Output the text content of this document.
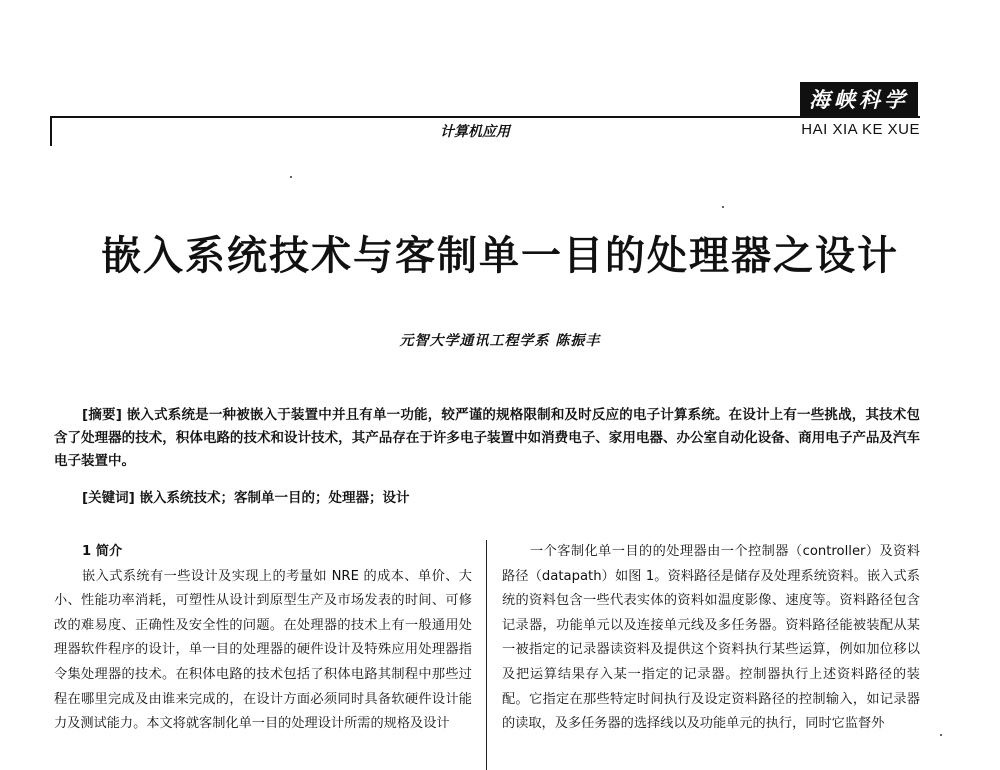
海峡科学
计算机应用	HAI XIA KE XUE
嵌入系统技术与客制单一目的处理器之设计
元智大学通讯工程学系 陈振丰

[摘要] 嵌入式系统是一种被嵌入于装置中并且有单一功能，较严谨的规格限制和及时反应的电子计算系统。在设计上有一些挑战，其技术包含了处理器的技术，积体电路的技术和设计技术，其产品存在于许多电子装置中如消费电子、家用电器、办公室自动化设备、商用电子产品及汽车电子装置中。

[关键词] 嵌入系统技术；客制单一目的；处理器；设计
1 简介

嵌入式系统有一些设计及实现上的考量如 NRE 的成本、单价、大小、性能功率消耗，可塑性从设计到原型生产及市场发表的时间、可修改的难易度、正确性及安全性的问题。在处理器的技术上有一般通用处理器软件程序的设计，单一目的处理器的硬件设计及特殊应用处理器指令集处理器的技术。在积体电路的技术包括了积体电路其制程中那些过程在哪里完成及由谁来完成的，在设计方面必须同时具备软硬件设计能力及测试能力。本文将就客制化单一目的处理设计所需的规格及设计

一个客制化单一目的的处理器由一个控制器（controller）及资料路径（datapath）如图 1。资料路径是储存及处理系统资料。嵌入式系统的资料包含一些代表实体的资料如温度影像、速度等。资料路径包含记录器，功能单元以及连接单元线及多任务器。资料路径能被装配从某一被指定的记录器读资料及提供这个资料执行某些运算，例如加位移以及把运算结果存入某一指定的记录器。控制器执行上述资料路径的装配。它指定在那些特定时间执行及设定资料路径的控制输入，如记录器的读取，及多任务器的选择线以及功能单元的执行，同时它监督外
